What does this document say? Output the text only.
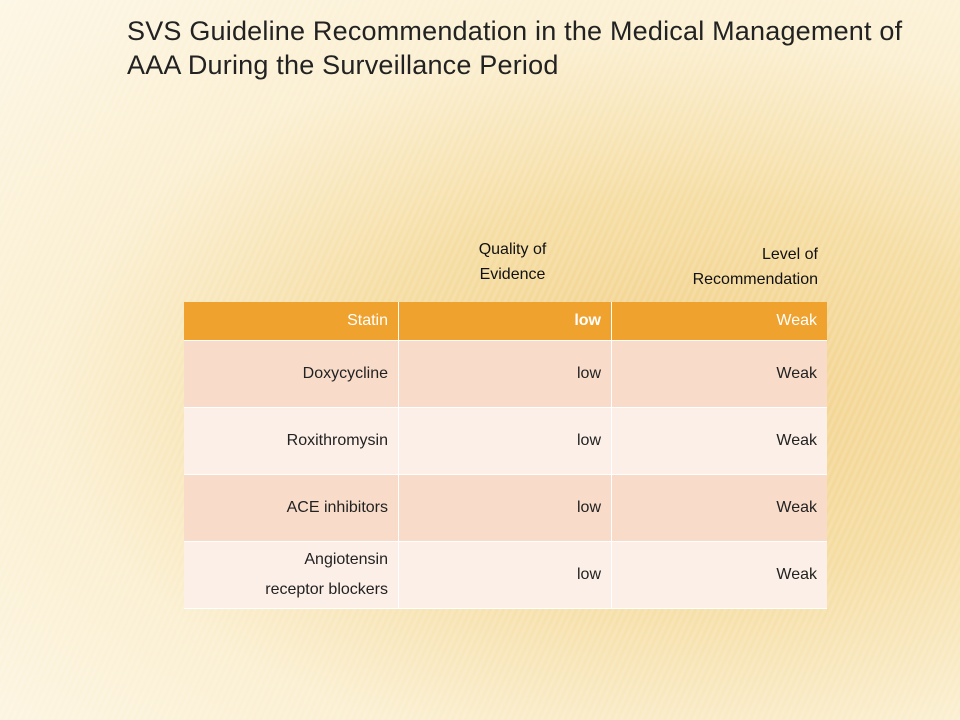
SVS Guideline Recommendation in the Medical Management of AAA During the Surveillance Period
Quality of
Evidence
Level of
Recommendation
Statin	low	Weak
Doxycycline	low	Weak
Roxithromysin	low	Weak
ACE inhibitors	low	Weak
Angiotensin
receptor blockers	low	Weak
